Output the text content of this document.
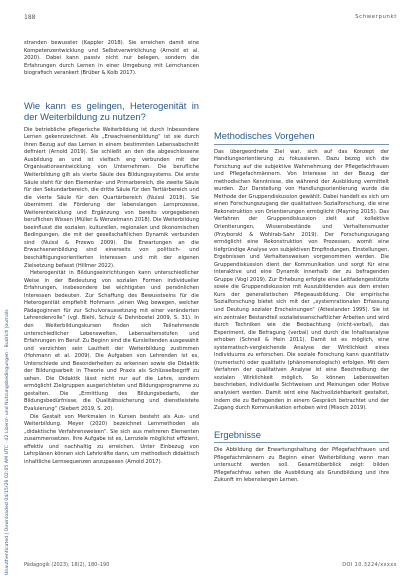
Unauthenticated | Downloaded 04/15/26 02:05 AM UTC · 42 Lizenz- und Nutzungsbedingungen · Budrich Journals
188	Schwerpunkt

stranden bewusster (Kappler 2018). Sie erreichen damit eine Kompetenzentwicklung und Selbstverwirklichung (Arnold et al. 2020). Dabei kann passiv nicht nur belegen, sondern die Erfahrungen durch Lernen in einer Umgebung mit Lernchancen biografisch verankert (Brüber & Kolb 2017).

Wie kann es gelingen, Heterogenität in der Weiterbildung zu nutzen?

Die betriebliche pflegerische Weiterbildung ist durch Inbesondere Lernen gekennzeichnet. Als „Erwachsenenbildung“ ist sie durch ihren Bezug auf das Lernen in einem bestimmten Lebensabschnitt definiert (Arnold 2019). Sie schließt an den die abgeschlossene Ausbildung an und ist vielfach eng verbunden mit der Organisationsentwicklung von Unternehmen. Die berufliche Weiterbildung gilt als vierte Säule des Bildungssystems. Die erste Säule steht für den Elementar- und Primarbereich, die zweite Säule für den Sekundarbereich, die dritte Säule für den Tertiärbereich und die vierte Säule für den Quartärbereich (Nuissl 2018). Sie übernimmt die Förderung der lebenslangen Lernprozesse, Weiterentwicklung und Ergänzung von bereits vorgegebenen beruflichen Wissen (Müller & Wenzelmann 2018). Die Weiterbildung beeinflusst die sozialen, kulturellen, regionalen und ökonomischen Bedingungen, die mit der gesellschaftlichen Dynamik verbunden sind (Nuissl & Przewo 2009). Die Erwartungen an die Erwachsenenbildung sind einerseits von politisch- und beschäftigungsorientierten Interessen und mit der eigenen Zielsetzung befasst (Hillmer 2022).

Heterogenität in Bildungseinrichtungen kann unterschiedlicher Weise in der Bedeutung von sozialen Formen individueller Erfahrungen, insbesondere bei wichtigsten und persönlichen Interessen bedeuten. Zur Schaffung des Bewusstseins für die Heterogenität empfiehlt Hohmann „einen Weg bewegen, welcher Pädagoginnen für zur Schulvoraussetzung mit einer veränderten Lehrendenrolle“ (vgl. Biehl, Schulz & Dehnbostel 2009, S. 31). In den Weiterbildungskursen finden sich Teilnehmende unterschiedlicher Lebenswelten, Lebensaltersstufen und Erfahrungen im Beruf. Zu Beginn sind die Kursleitenden ausgewählt und verzichten sein Lautheit der Weiterbildung zustimmen (Hohmann et al. 2009). Die Aufgaben von Lehrenden ist es, Unterschiede und Besonderheiten zu erkennen sowie die Didaktik der Bildungsarbeit in Theorie und Praxis als Schlüsselbegriff zu sehen. Die Didaktik lässt nicht nur auf die Lehre, sondern ermöglicht Zielgruppen ausgerichteten und Bildungsprogramme zu gestalten. Die „Ermittlung des Bildungsbedarfs, der Bildungsbedürfnisse, die Qualitätssicherung und dienstleistete Evaluierung“ (Siebert 2019, S. 20).

Die Gestalt von Merkmalen in Kursen besteht als Aus- und Weiterbildung. Meyer (2020) bezeichnet Lernmethoden als „didaktische Verfahrensweisen“. Sie sich aus mehreren Elementen zusammensetzen. Ihre Aufgabe ist es, Lernziele möglichst effizient, effektiv und nachhaltig zu erreichen. Unter Einbezug von Lehrplänen können sich Lehrkräfte dann, um methodisch didaktisch inhaltliche Lernsequenzen anzupassen (Arnold 2017).

Methodisches Vorgehen

Das übergeordnete Ziel war, sich auf das Konzept der Handlungsorientierung zu fokussieren. Dazu bezog sich die Forschung auf die subjektive Wahrnehmung der Pflegefachfrauen und Pflegefachmännern. Von Interesse ist der Bezug der methodischen Kenntnisse, die während der Ausbildung vermittelt wurden. Zur Darstellung von Handlungsorientierung wurde die Methode der Gruppendiskussion gewählt. Dabei handelt es sich um einen Forschungszugang der qualitativen Sozialforschung, die eine Rekonstruktion von Orientierungen ermöglicht (Mayring 2015). Das Verfahren der Gruppendiskussion zielt auf kollektive Orientierungen, Wissensbestände und Verhaltensmuster (Przyborski & Wohlrab-Sahr 2019). Der Forschungszugang ermöglicht eine Rekonstruktion von Prozessen, womit eine tiefgründige Analyse von subjektiven Empfindungen, Einstellungen, Ergebnissen und Verhaltensweisen vorgenommen werden. Die Gruppendiskussion dient der Kommunikation und sorgt für eine interaktive und eine Dynamik innerhalb der zu befragenden Gruppe (Vogl 2019). Zur Erhebung erfolgte eine Leitfadengestützte sowie die Gruppendiskussion mit Auszubildenden aus dem ersten Kurs der generalistischen Pflegeausbildung. Die empirische Sozialforschung bietet sich mit der „systemrationalen Erfassung und Deutung sozialer Erscheinungen“ (Atteslander 1995). Sie ist ein zentraler Bestandteil sozialwissenschaftlicher Arbeiten und wird durch Techniken wie die Beobachtung (nicht-verbal), das Experiment, die Befragung (verbal) und durch die Inhaltsanalyse erhoben (Schnell & Hein 2011). Damit ist es möglich, eine systematisch-vergleichende Analyse der Wirklichkeit eines Individuums zu erforschen. Die soziale Forschung kann quantitativ (numerisch) oder qualitativ (phänomenologisch) erfolgen. Mit dem Verfahren der qualitativen Analyse ist eine Beschreibung der sozialen Wirklichkeit möglich. So können Lebenswelten beschrieben, individuelle Sichtweisen und Meinungen oder Motive analysiert werden. Damit wird eine Nachvollziehbarkeit gestaltet, indem die zu Befragenden in einem Gespräch betrachtet und der Zugang durch Kommunikation erhoben wird (Misoch 2019).

Ergebnisse

Die Abbildung der Erwartungshaltung der Pflegefachfrauen und Pflegefachmännern zu Beginn einer Weiterbildung wenn man untersucht werden soll. Gesamtüberblick zeigt: bilden Pflegefachfrau sehen die Ausbildung als Grundbildung und ihre Zukunft im lebenslangen Lernen.

Pädagogik (2023), 18(2), 180–190	DOI 10.3224/xxxxx
